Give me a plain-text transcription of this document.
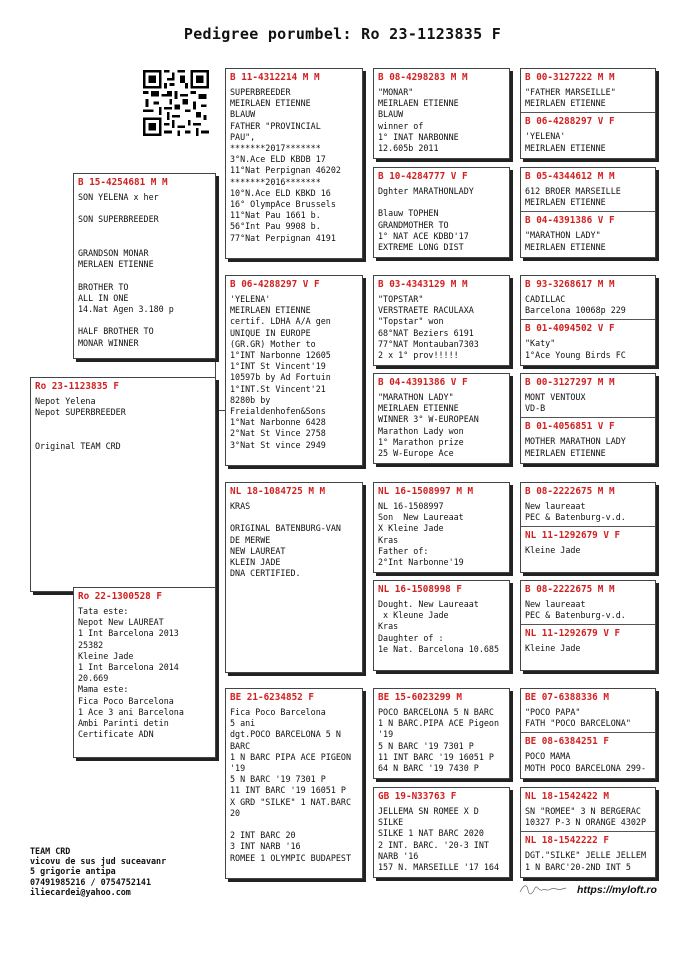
Pedigree porumbel: Ro 23-1123835 F
Ro 23-1123835 F
Nepot Yelena
Nepot SUPERBREEDER

Original TEAM CRD
B 15-4254681 M M
SON YELENA x her

SON SUPERBREEDER

GRANDSON MONAR
MERLAEN ETIENNE

BROTHER TO
ALL IN ONE
14.Nat Agen 3.180 p

HALF BROTHER TO
MONAR WINNER
Ro 22-1300528 F
Tata este:
Nepot New LAUREAT
1 Int Barcelona 2013
25382
Kleine Jade
1 Int Barcelona 2014
20.669
Mama este:
Fica Poco Barcelona
1 Ace 3 ani Barcelona
Ambi Parinti detin
Certificate ADN
B 11-4312214 M M
SUPERBREEDER
MEIRLAEN ETIENNE
BLAUW
FATHER "PROVINCIAL
PAU",
*******2017*******
3°N.Ace ELD KBDB 17
11°Nat Perpignan 46202
*******2016*******
10°N.Ace ELD KBKD 16
16° OlympAce Brussels
11°Nat Pau 1661 b.
56°Int Pau 9908 b.
77°Nat Perpignan 4191
B 06-4288297 V F
'YELENA'
MEIRLAEN ETIENNE
certif. LDHA A/A gen
UNIQUE IN EUROPE
(GR.GR) Mother to
1°INT Narbonne 12605
1°INT St Vincent'19
10597b by Ad Fortuin
1°INT.St Vincent'21
8280b by
Freialdenhofen&Sons
1°Nat Narbonne 6428
2°Nat St Vince 2758
3°Nat St vince 2949
NL 18-1084725 M M
KRAS

ORIGINAL BATENBURG-VAN
DE MERWE
NEW LAUREAT
KLEIN JADE
DNA CERTIFIED.
BE 21-6234852 F
Fica Poco Barcelona
5 ani
dgt.POCO BARCELONA 5 N
BARC
1 N BARC PIPA ACE PIGEON
'19
5 N BARC '19 7301 P
11 INT BARC '19 16051 P
X GRD "SILKE" 1 NAT.BARC
20

2 INT BARC 20
3 INT NARB '16
ROMEE 1 OLYMPIC BUDAPEST
B 08-4298283 M M
"MONAR"
MEIRLAEN ETIENNE
BLAUW
winner of
1° INAT NARBONNE
12.605b 2011
B 10-4284777 V F
Dghter MARATHONLADY

Blauw TOPHEN
GRANDMOTHER TO
1° NAT ACE KDBD'17
EXTREME LONG DIST
B 03-4343129 M M
"TOPSTAR"
VERSTRAETE RACULAXA
"Topstar" won
68°NAT Beziers 6191
77°NAT Montauban7303
2 x 1° prov!!!!!
B 04-4391386 V F
"MARATHON LADY"
MEIRLAEN ETIENNE
WINNER 3° W-EUROPEAN
Marathon Lady won
1° Marathon prize
25 W-Europe Ace
NL 16-1508997 M M
NL 16-1508997
Son  New Laureaat
X Kleine Jade
Kras
Father of:
2°Int Narbonne'19
NL 16-1508998 F
Dought. New Laureaat
x Kleune Jade
Kras
Daughter of :
1e Nat. Barcelona 10.685
BE 15-6023299 M
POCO BARCELONA 5 N BARC
1 N BARC.PIPA ACE Pigeon
'19
5 N BARC '19 7301 P
11 INT BARC '19 16051 P
64 N BARC '19 7430 P
GB 19-N33763 F
JELLEMA SN ROMEE X D
SILKE
SILKE 1 NAT BARC 2020
2 INT. BARC. '20-3 INT
NARB '16
157 N. MARSEILLE '17 164
B 00-3127222 M M
"FATHER MARSEILLE"
MEIRLAEN ETIENNE
B 06-4288297 V F
'YELENA'
MEIRLAEN ETIENNE
B 05-4344612 M M
612 BROER MARSEILLE
MEIRLAEN ETIENNE
B 04-4391386 V F
"MARATHON LADY"
MEIRLAEN ETIENNE
B 93-3268617 M M
CADILLAC
Barcelona 10068p 229
B 01-4094502 V F
"Katy"
1°Ace Young Birds FC
B 00-3127297 M M
MONT VENTOUX
VD-B
B 01-4056851 V F
MOTHER MARATHON LADY
MEIRLAEN ETIENNE
B 08-2222675 M M
New laureaat
PEC & Batenburg-v.d.
NL 11-1292679 V F
Kleine Jade
B 08-2222675 M M
New laureaat
PEC & Batenburg-v.d.
NL 11-1292679 V F
Kleine Jade
BE 07-6388336 M
"POCO PAPA"
FATH "POCO BARCELONA"
BE 08-6384251 F
POCO MAMA
MOTH POCO BARCELONA 299-
NL 18-1542422 M
SN "ROMEE" 3 N BERGERAC
10327 P-3 N ORANGE 4302P
NL 18-1542222 F
DGT."SILKE" JELLE JELLEM
1 N BARC'20-2ND INT 5
TEAM CRD
vicovu de sus jud suceavanr
5 grigorie antipa
07491985216 / 0754752141
iliecardei@yahoo.com	https://myloft.ro
